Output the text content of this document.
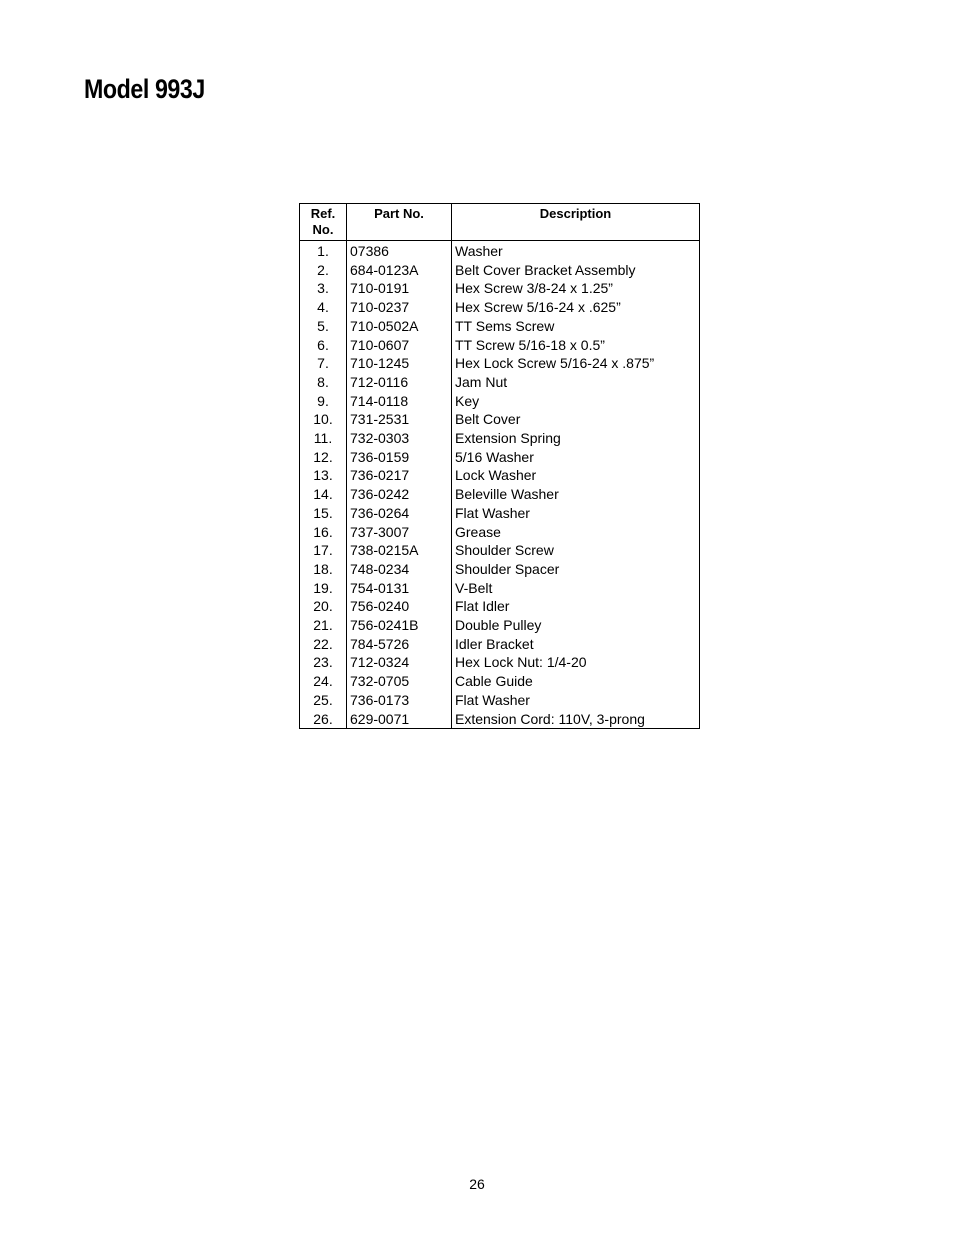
Model 993J
Ref.
No.	Part No.	Description
1.	07386	Washer
2.	684-0123A	Belt Cover Bracket Assembly
3.	710-0191	Hex Screw 3/8-24 x 1.25”
4.	710-0237	Hex Screw 5/16-24 x .625”
5.	710-0502A	TT Sems Screw
6.	710-0607	TT Screw 5/16-18 x 0.5”
7.	710-1245	Hex Lock Screw 5/16-24 x .875”
8.	712-0116	Jam Nut
9.	714-0118	Key
10.	731-2531	Belt Cover
11.	732-0303	Extension Spring
12.	736-0159	5/16 Washer
13.	736-0217	Lock Washer
14.	736-0242	Beleville Washer
15.	736-0264	Flat Washer
16.	737-3007	Grease
17.	738-0215A	Shoulder Screw
18.	748-0234	Shoulder Spacer
19.	754-0131	V-Belt
20.	756-0240	Flat Idler
21.	756-0241B	Double Pulley
22.	784-5726	Idler Bracket
23.	712-0324	Hex Lock Nut: 1/4-20
24.	732-0705	Cable Guide
25.	736-0173	Flat Washer
26.	629-0071	Extension Cord: 110V, 3-prong
26
